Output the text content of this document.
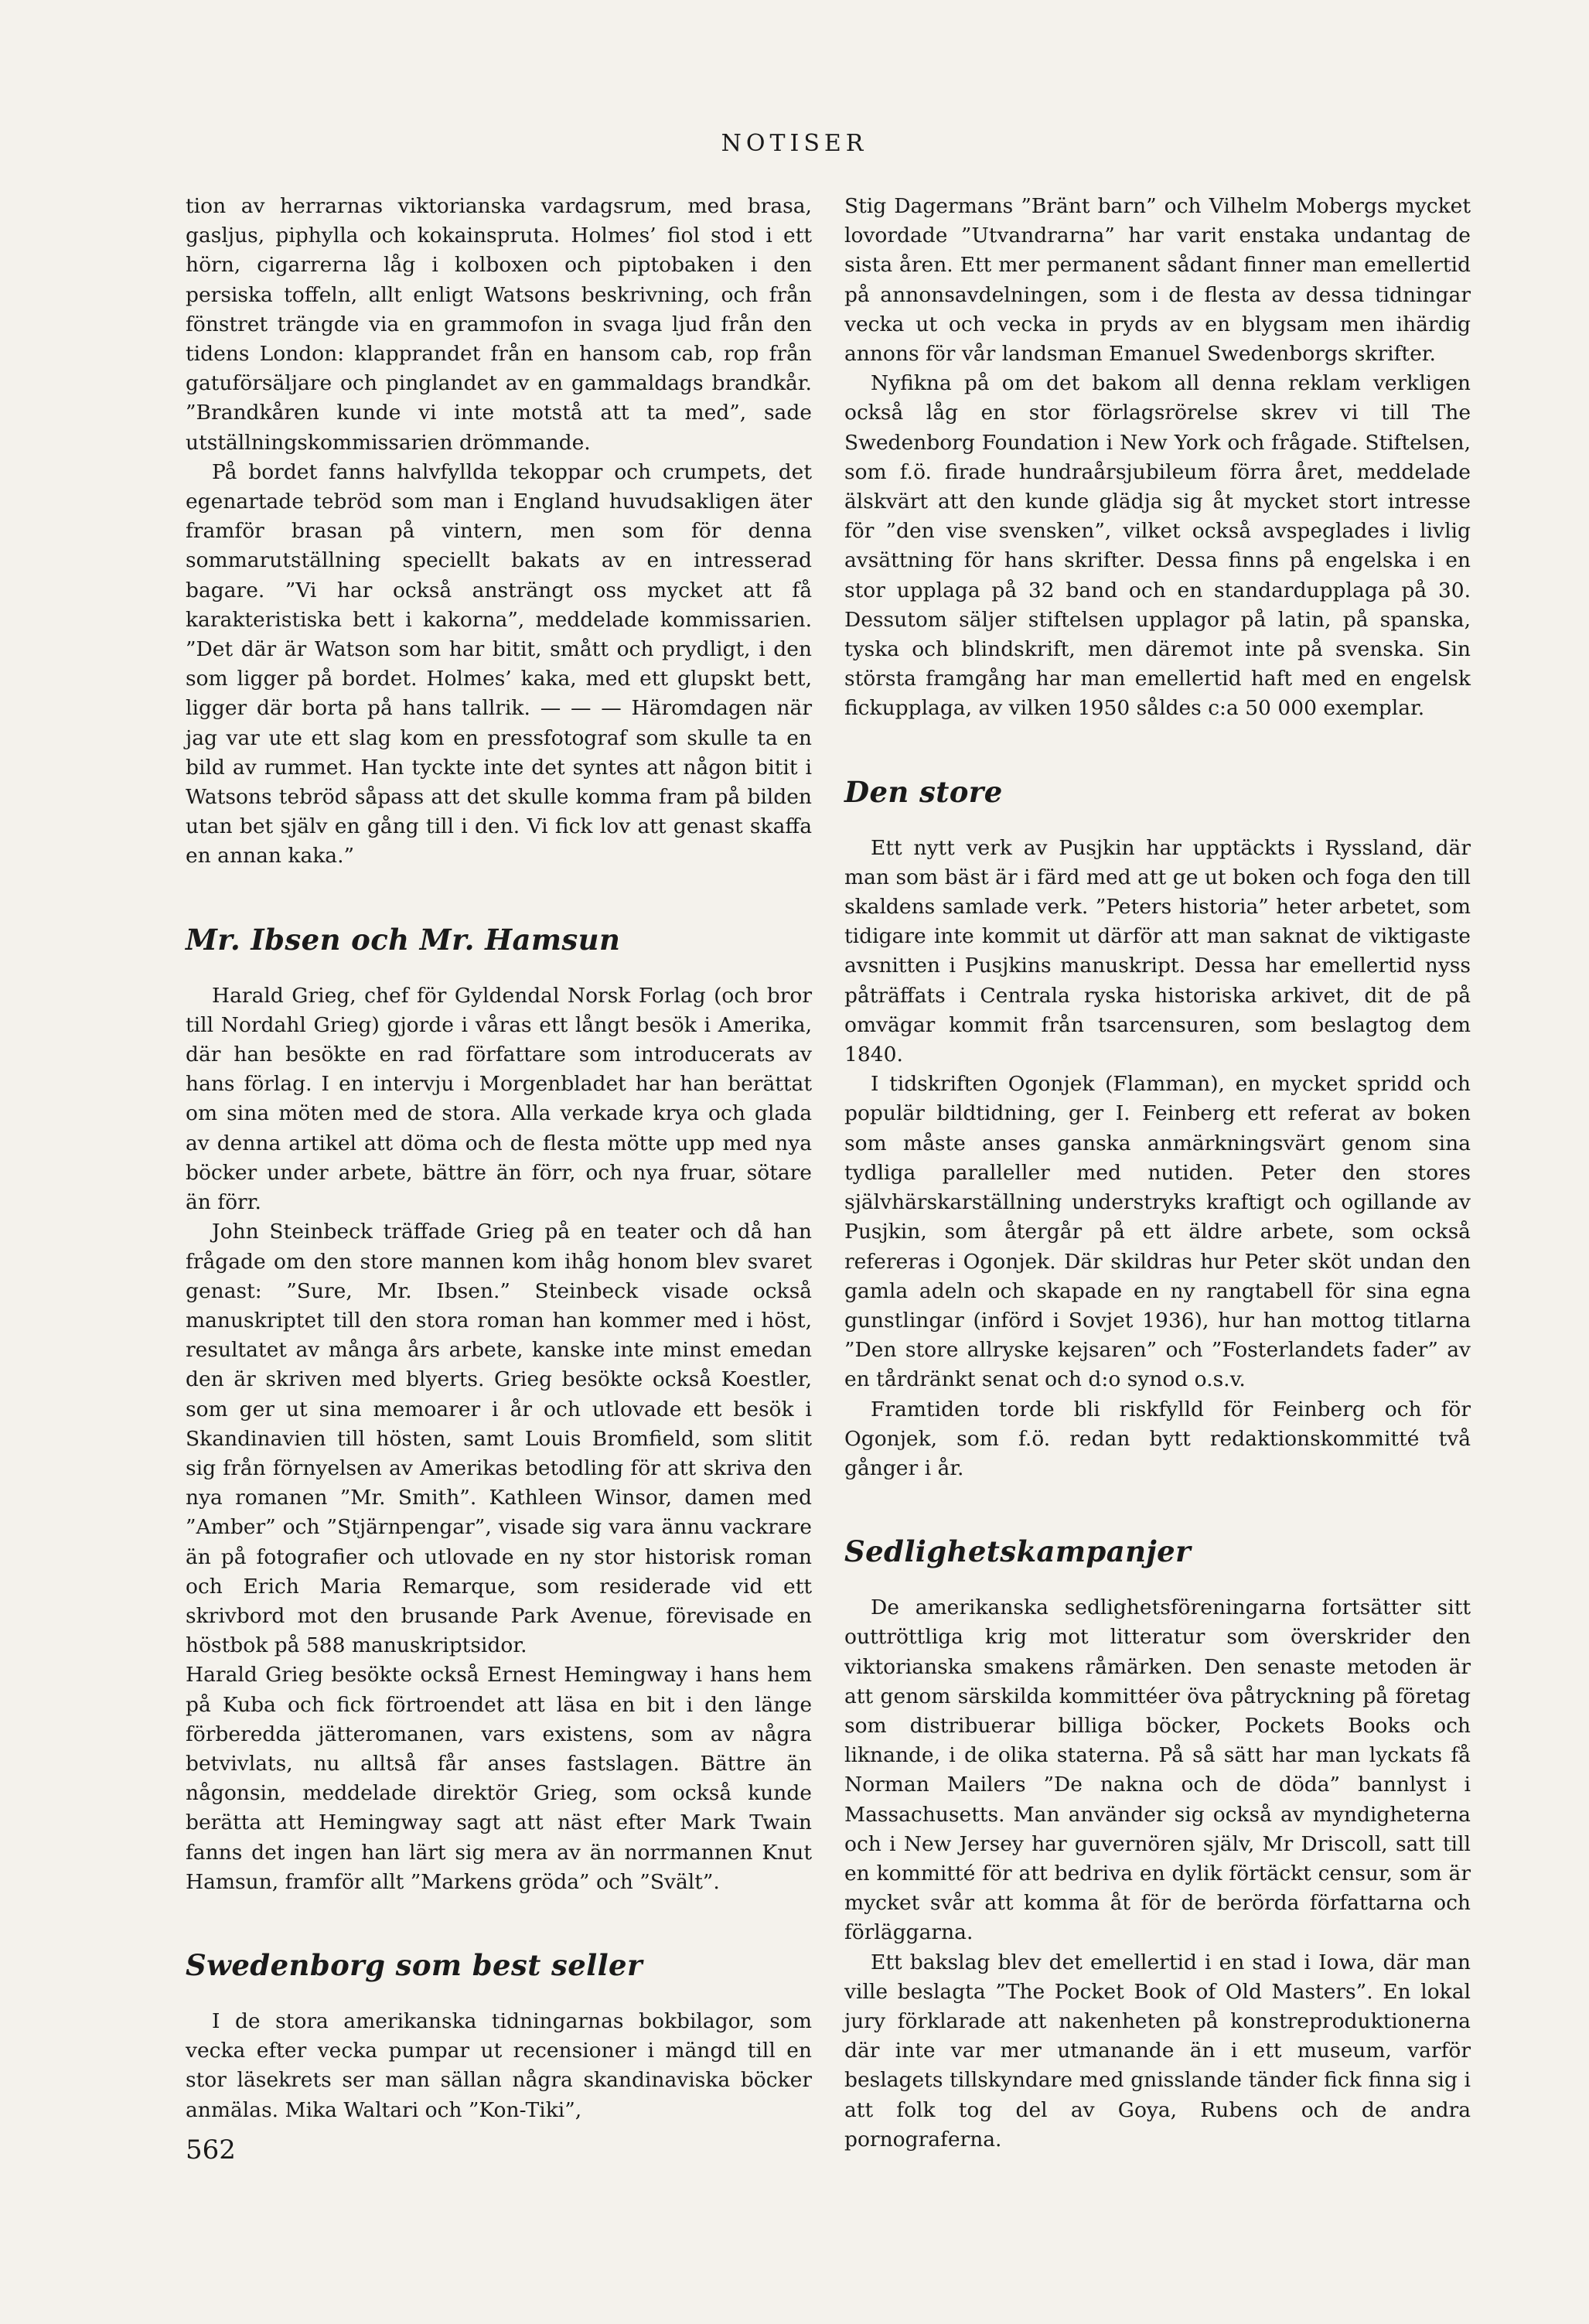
NOTISER

tion av herrarnas viktorianska vardagsrum, med brasa, gasljus, piphylla och kokainspruta. Holmes’ fiol stod i ett hörn, cigarrerna låg i kolboxen och piptobaken i den persiska toffeln, allt enligt Watsons beskrivning, och från fönstret trängde via en grammofon in svaga ljud från den tidens London: klapprandet från en hansom cab, rop från gatuförsäljare och pinglandet av en gammaldags brandkår. ”Brandkåren kunde vi inte motstå att ta med”, sade utställningskommissarien drömmande.

På bordet fanns halvfyllda tekoppar och crumpets, det egenartade tebröd som man i England huvudsakligen äter framför brasan på vintern, men som för denna sommarutställning speciellt bakats av en intresserad bagare. ”Vi har också ansträngt oss mycket att få karakteristiska bett i kakorna”, meddelade kommissarien. ”Det där är Watson som har bitit, smått och prydligt, i den som ligger på bordet. Holmes’ kaka, med ett glupskt bett, ligger där borta på hans tallrik. — — — Häromdagen när jag var ute ett slag kom en pressfotograf som skulle ta en bild av rummet. Han tyckte inte det syntes att någon bitit i Watsons tebröd såpass att det skulle komma fram på bilden utan bet själv en gång till i den. Vi fick lov att genast skaffa en annan kaka.”

Mr. Ibsen och Mr. Hamsun

Harald Grieg, chef för Gyldendal Norsk Forlag (och bror till Nordahl Grieg) gjorde i våras ett långt besök i Amerika, där han besökte en rad författare som introducerats av hans förlag. I en intervju i Morgenbladet har han berättat om sina möten med de stora. Alla verkade krya och glada av denna artikel att döma och de flesta mötte upp med nya böcker under arbete, bättre än förr, och nya fruar, sötare än förr.

John Steinbeck träffade Grieg på en teater och då han frågade om den store mannen kom ihåg honom blev svaret genast: ”Sure, Mr. Ibsen.” Steinbeck visade också manuskriptet till den stora roman han kommer med i höst, resultatet av många års arbete, kanske inte minst emedan den är skriven med blyerts. Grieg besökte också Koestler, som ger ut sina memoarer i år och utlovade ett besök i Skandinavien till hösten, samt Louis Bromfield, som slitit sig från förnyelsen av Amerikas betodling för att skriva den nya romanen ”Mr. Smith”. Kathleen Winsor, damen med ”Amber” och ”Stjärnpengar”, visade sig vara ännu vackrare än på fotografier och utlovade en ny stor historisk roman och Erich Maria Remarque, som residerade vid ett skrivbord mot den brusande Park Avenue, förevisade en höstbok på 588 manuskriptsidor.

Harald Grieg besökte också Ernest Hemingway i hans hem på Kuba och fick förtroendet att läsa en bit i den länge förberedda jätteromanen, vars existens, som av några betvivlats, nu alltså får anses fastslagen. Bättre än någonsin, meddelade direktör Grieg, som också kunde berätta att Hemingway sagt att näst efter Mark Twain fanns det ingen han lärt sig mera av än norrmannen Knut Hamsun, framför allt ”Markens gröda” och ”Svält”.

Swedenborg som best seller

I de stora amerikanska tidningarnas bokbilagor, som vecka efter vecka pumpar ut recensioner i mängd till en stor läsekrets ser man sällan några skandinaviska böcker anmälas. Mika Waltari och ”Kon-Tiki”,

Stig Dagermans ”Bränt barn” och Vilhelm Mobergs mycket lovordade ”Utvandrarna” har varit enstaka undantag de sista åren. Ett mer permanent sådant finner man emellertid på annonsavdelningen, som i de flesta av dessa tidningar vecka ut och vecka in pryds av en blygsam men ihärdig annons för vår landsman Emanuel Swedenborgs skrifter.

Nyfikna på om det bakom all denna reklam verkligen också låg en stor förlagsrörelse skrev vi till The Swedenborg Foundation i New York och frågade. Stiftelsen, som f.ö. firade hundraårsjubileum förra året, meddelade älskvärt att den kunde glädja sig åt mycket stort intresse för ”den vise svensken”, vilket också avspeglades i livlig avsättning för hans skrifter. Dessa finns på engelska i en stor upplaga på 32 band och en standardupplaga på 30. Dessutom säljer stiftelsen upplagor på latin, på spanska, tyska och blindskrift, men däremot inte på svenska. Sin största framgång har man emellertid haft med en engelsk fickupplaga, av vilken 1950 såldes c:a 50 000 exemplar.

Den store

Ett nytt verk av Pusjkin har upptäckts i Ryssland, där man som bäst är i färd med att ge ut boken och foga den till skaldens samlade verk. ”Peters historia” heter arbetet, som tidigare inte kommit ut därför att man saknat de viktigaste avsnitten i Pusjkins manuskript. Dessa har emellertid nyss påträffats i Centrala ryska historiska arkivet, dit de på omvägar kommit från tsarcensuren, som beslagtog dem 1840.

I tidskriften Ogonjek (Flamman), en mycket spridd och populär bildtidning, ger I. Feinberg ett referat av boken som måste anses ganska anmärkningsvärt genom sina tydliga paralleller med nutiden. Peter den stores självhärskarställning understryks kraftigt och ogillande av Pusjkin, som återgår på ett äldre arbete, som också refereras i Ogonjek. Där skildras hur Peter sköt undan den gamla adeln och skapade en ny rangtabell för sina egna gunstlingar (införd i Sovjet 1936), hur han mottog titlarna ”Den store allryske kejsaren” och ”Fosterlandets fader” av en tårdränkt senat och d:o synod o.s.v.

Framtiden torde bli riskfylld för Feinberg och för Ogonjek, som f.ö. redan bytt redaktionskommitté två gånger i år.

Sedlighetskampanjer

De amerikanska sedlighetsföreningarna fortsätter sitt outtröttliga krig mot litteratur som överskrider den viktorianska smakens råmärken. Den senaste metoden är att genom särskilda kommittéer öva påtryckning på företag som distribuerar billiga böcker, Pockets Books och liknande, i de olika staterna. På så sätt har man lyckats få Norman Mailers ”De nakna och de döda” bannlyst i Massachusetts. Man använder sig också av myndigheterna och i New Jersey har guvernören själv, Mr Driscoll, satt till en kommitté för att bedriva en dylik förtäckt censur, som är mycket svår att komma åt för de berörda författarna och förläggarna.

Ett bakslag blev det emellertid i en stad i Iowa, där man ville beslagta ”The Pocket Book of Old Masters”. En lokal jury förklarade att nakenheten på konstreproduktionerna där inte var mer utmanande än i ett museum, varför beslagets tillskyndare med gnisslande tänder fick finna sig i att folk tog del av Goya, Rubens och de andra pornograferna.

562
